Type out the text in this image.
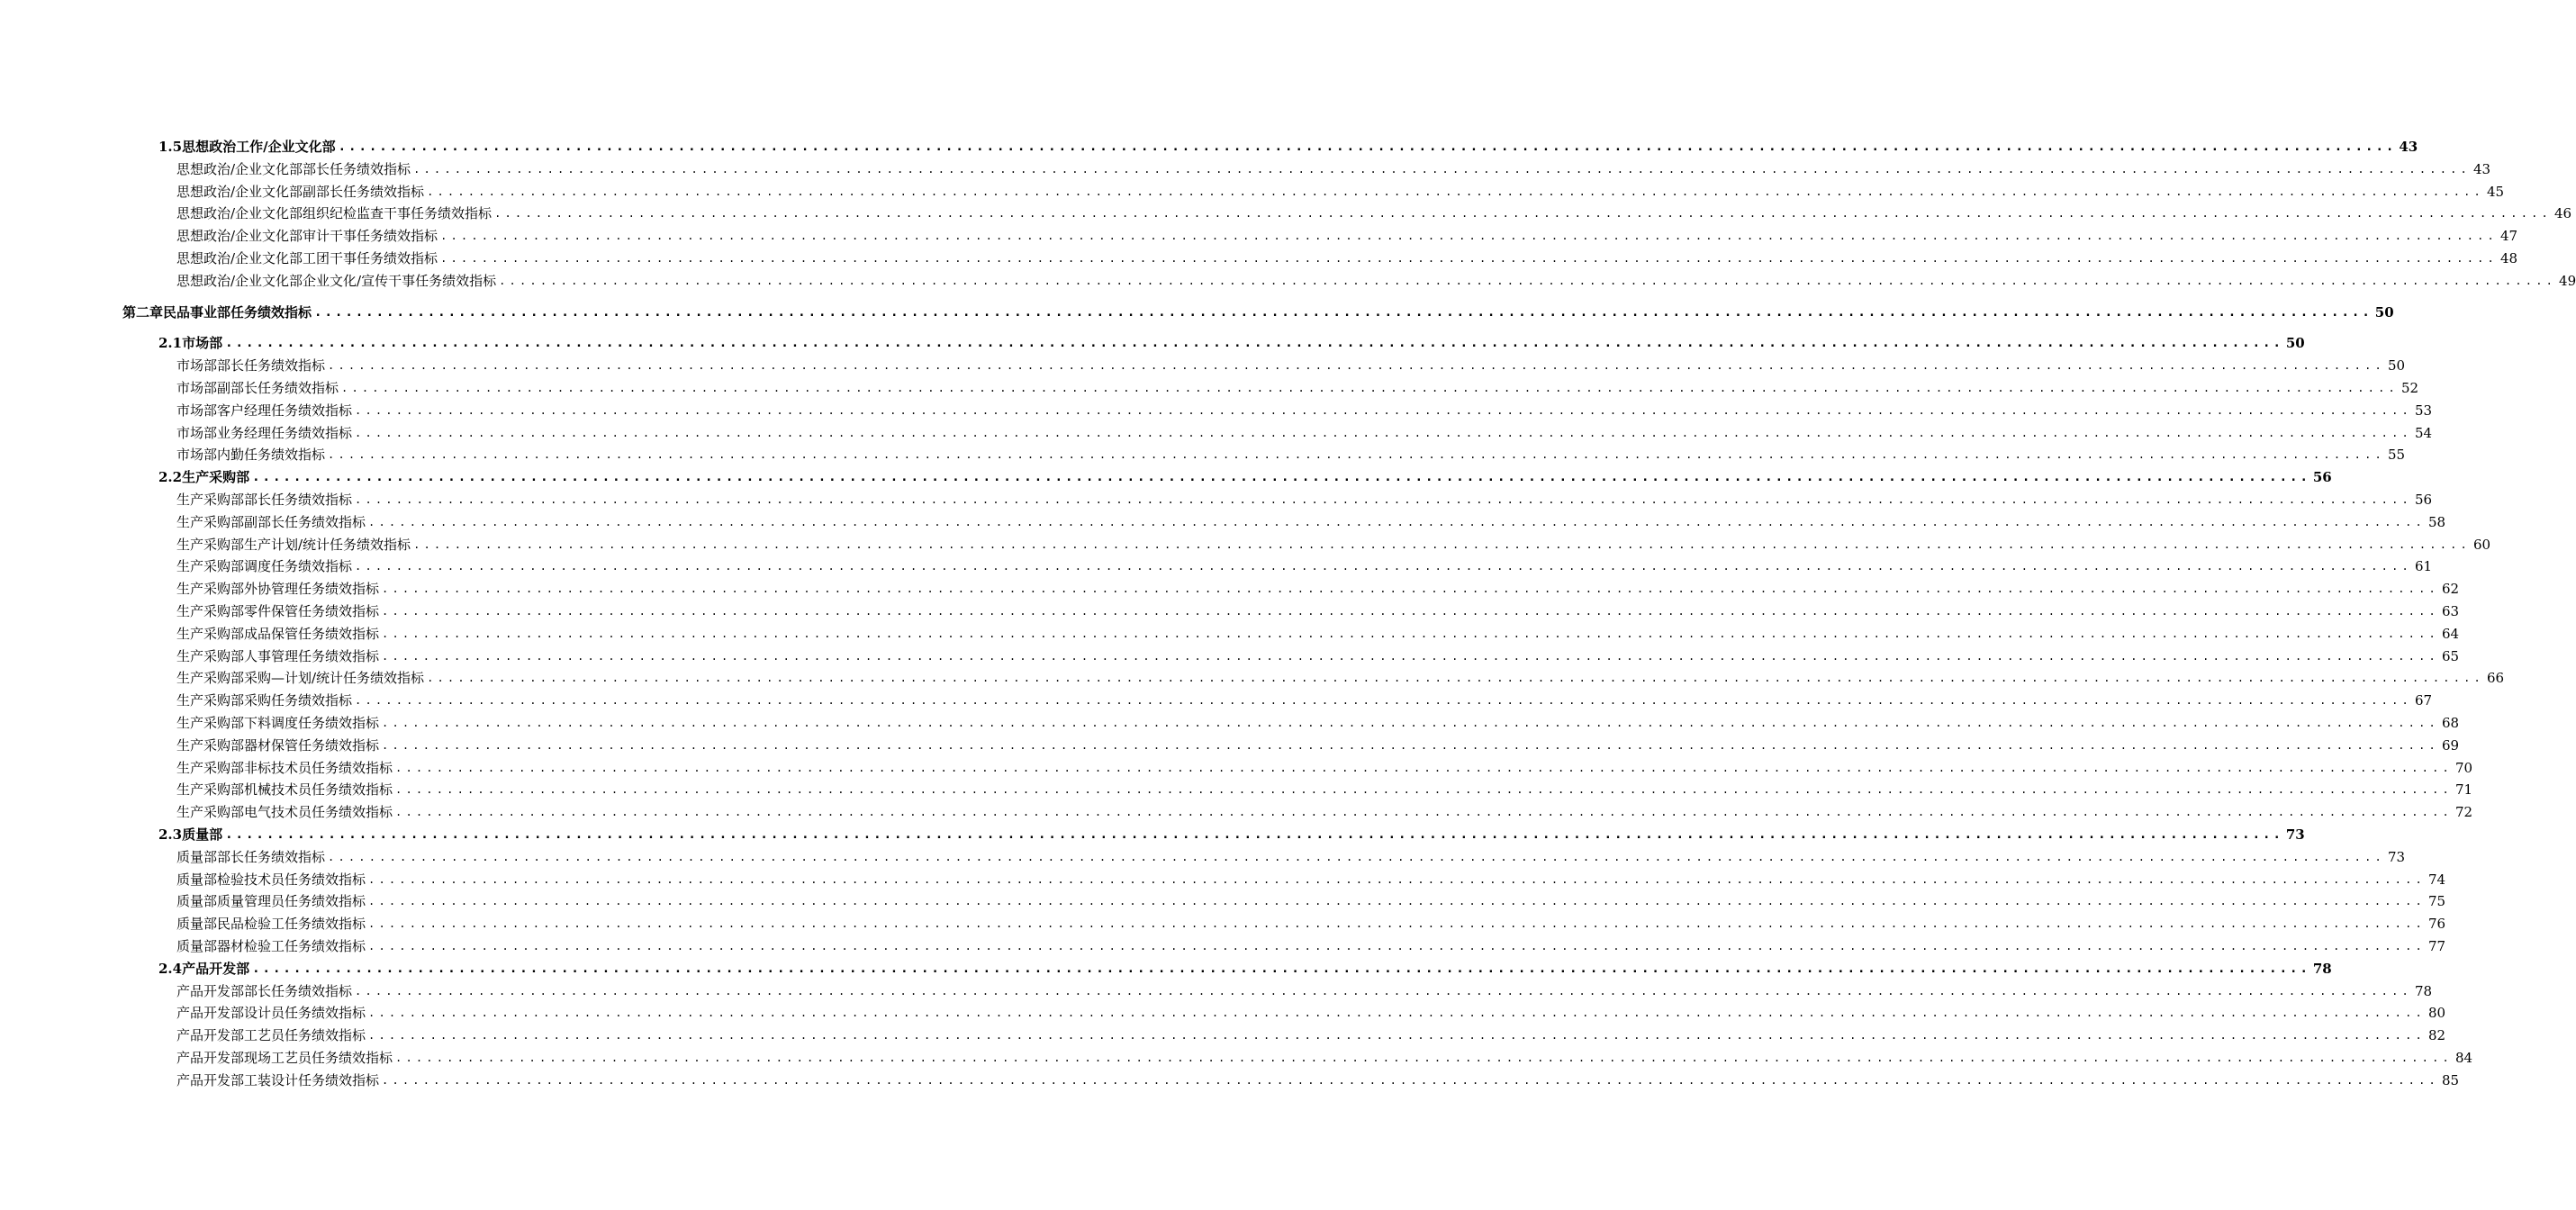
1.5 思想政治工作/企业文化部 ........................................................................................................................................................................................................ 43
思想政治/企业文化部部长任务绩效指标 ........................................................................................................................................................................................................ 43
思想政治/企业文化部副部长任务绩效指标 ........................................................................................................................................................................................................ 45
思想政治/企业文化部组织纪检监查干事任务绩效指标 ........................................................................................................................................................................................................ 46
思想政治/企业文化部审计干事任务绩效指标 ........................................................................................................................................................................................................ 47
思想政治/企业文化部工团干事任务绩效指标 ........................................................................................................................................................................................................ 48
思想政治/企业文化部企业文化/宣传干事任务绩效指标 ........................................................................................................................................................................................................ 49
第二章 民品事业部任务绩效指标 ........................................................................................................................................................................................................ 50
2.1 市场部 ........................................................................................................................................................................................................ 50
市场部部长任务绩效指标 ........................................................................................................................................................................................................ 50
市场部副部长任务绩效指标 ........................................................................................................................................................................................................ 52
市场部客户经理任务绩效指标 ........................................................................................................................................................................................................ 53
市场部业务经理任务绩效指标 ........................................................................................................................................................................................................ 54
市场部内勤任务绩效指标 ........................................................................................................................................................................................................ 55
2.2 生产采购部 ........................................................................................................................................................................................................ 56
生产采购部部长任务绩效指标 ........................................................................................................................................................................................................ 56
生产采购部副部长任务绩效指标 ........................................................................................................................................................................................................ 58
生产采购部生产计划/统计任务绩效指标 ........................................................................................................................................................................................................ 60
生产采购部调度任务绩效指标 ........................................................................................................................................................................................................ 61
生产采购部外协管理任务绩效指标 ........................................................................................................................................................................................................ 62
生产采购部零件保管任务绩效指标 ........................................................................................................................................................................................................ 63
生产采购部成品保管任务绩效指标 ........................................................................................................................................................................................................ 64
生产采购部人事管理任务绩效指标 ........................................................................................................................................................................................................ 65
生产采购部采购—计划/统计任务绩效指标 ........................................................................................................................................................................................................ 66
生产采购部采购任务绩效指标 ........................................................................................................................................................................................................ 67
生产采购部下料调度任务绩效指标 ........................................................................................................................................................................................................ 68
生产采购部器材保管任务绩效指标 ........................................................................................................................................................................................................ 69
生产采购部非标技术员任务绩效指标 ........................................................................................................................................................................................................ 70
生产采购部机械技术员任务绩效指标 ........................................................................................................................................................................................................ 71
生产采购部电气技术员任务绩效指标 ........................................................................................................................................................................................................ 72
2.3 质量部 ........................................................................................................................................................................................................ 73
质量部部长任务绩效指标 ........................................................................................................................................................................................................ 73
质量部检验技术员任务绩效指标 ........................................................................................................................................................................................................ 74
质量部质量管理员任务绩效指标 ........................................................................................................................................................................................................ 75
质量部民品检验工任务绩效指标 ........................................................................................................................................................................................................ 76
质量部器材检验工任务绩效指标 ........................................................................................................................................................................................................ 77
2.4 产品开发部 ........................................................................................................................................................................................................ 78
产品开发部部长任务绩效指标 ........................................................................................................................................................................................................ 78
产品开发部设计员任务绩效指标 ........................................................................................................................................................................................................ 80
产品开发部工艺员任务绩效指标 ........................................................................................................................................................................................................ 82
产品开发部现场工艺员任务绩效指标 ........................................................................................................................................................................................................ 84
产品开发部工装设计任务绩效指标 ........................................................................................................................................................................................................ 85
